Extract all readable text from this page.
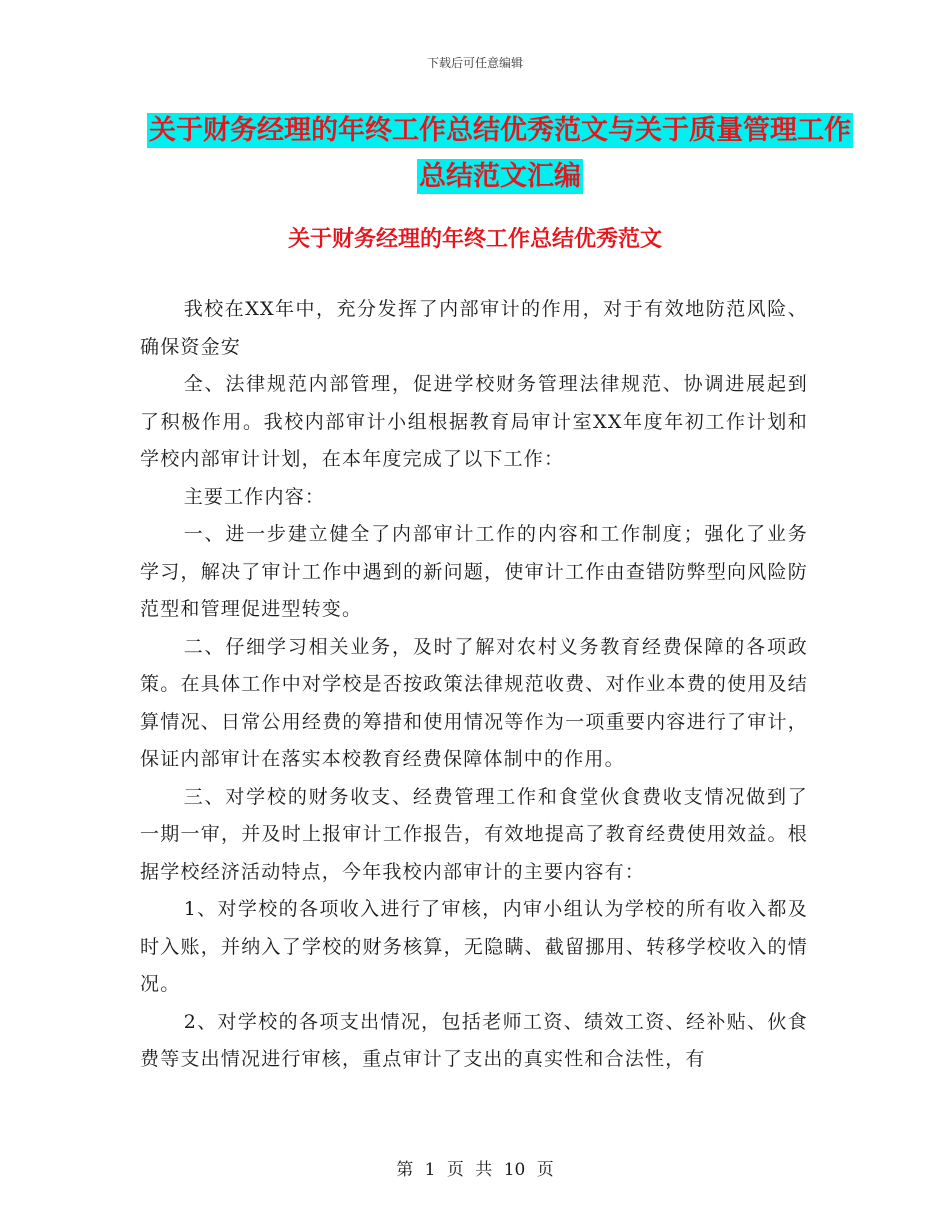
下载后可任意编辑
关于财务经理的年终工作总结优秀范文与关于质量管理工作总结范文汇编
关于财务经理的年终工作总结优秀范文

我校在XX年中，充分发挥了内部审计的作用，对于有效地防范风险、确保资金安

全、法律规范内部管理，促进学校财务管理法律规范、协调进展起到了积极作用。我校内部审计小组根据教育局审计室XX年度年初工作计划和学校内部审计计划，在本年度完成了以下工作：

主要工作内容：

一、进一步建立健全了内部审计工作的内容和工作制度；强化了业务学习，解决了审计工作中遇到的新问题，使审计工作由查错防弊型向风险防范型和管理促进型转变。

二、仔细学习相关业务，及时了解对农村义务教育经费保障的各项政策。在具体工作中对学校是否按政策法律规范收费、对作业本费的使用及结算情况、日常公用经费的筹措和使用情况等作为一项重要内容进行了审计，保证内部审计在落实本校教育经费保障体制中的作用。

三、对学校的财务收支、经费管理工作和食堂伙食费收支情况做到了一期一审，并及时上报审计工作报告，有效地提高了教育经费使用效益。根据学校经济活动特点，今年我校内部审计的主要内容有：

1、对学校的各项收入进行了审核，内审小组认为学校的所有收入都及时入账，并纳入了学校的财务核算，无隐瞒、截留挪用、转移学校收入的情况。

2、对学校的各项支出情况，包括老师工资、绩效工资、经补贴、伙食费等支出情况进行审核，重点审计了支出的真实性和合法性，有

第 1 页 共 10 页
